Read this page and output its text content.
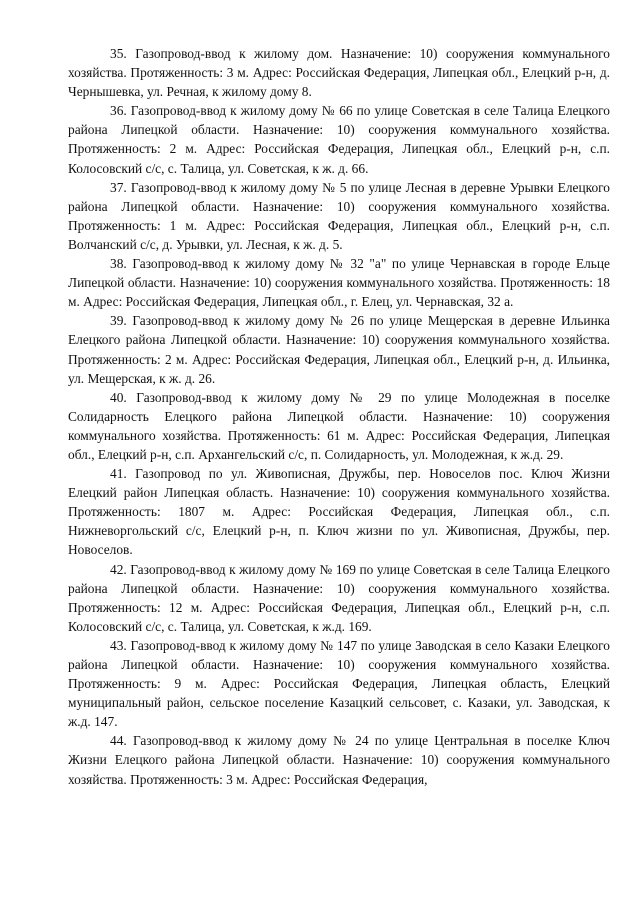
35. Газопровод-ввод к жилому дом. Назначение: 10) сооружения коммунального хозяйства. Протяженность: 3 м. Адрес: Российская Федерация, Липецкая обл., Елецкий р-н, д. Чернышевка, ул. Речная, к жилому дому 8.

36. Газопровод-ввод к жилому дому № 66 по улице Советская в селе Талица Елецкого района Липецкой области. Назначение: 10) сооружения коммунального хозяйства. Протяженность: 2 м. Адрес: Российская Федерация, Липецкая обл., Елецкий р-н, с.п. Колосовский с/с, с. Талица, ул. Советская, к ж. д. 66.

37. Газопровод-ввод к жилому дому № 5 по улице Лесная в деревне Урывки Елецкого района Липецкой области. Назначение: 10) сооружения коммунального хозяйства. Протяженность: 1 м. Адрес: Российская Федерация, Липецкая обл., Елецкий р-н, с.п. Волчанский с/с, д. Урывки, ул. Лесная, к ж. д. 5.

38. Газопровод-ввод к жилому дому № 32 "а" по улице Чернавская в городе Ельце Липецкой области. Назначение: 10) сооружения коммунального хозяйства. Протяженность: 18 м. Адрес: Российская Федерация, Липецкая обл., г. Елец, ул. Чернавская, 32 а.

39. Газопровод-ввод к жилому дому № 26 по улице Мещерская в деревне Ильинка Елецкого района Липецкой области. Назначение: 10) сооружения коммунального хозяйства. Протяженность: 2 м. Адрес: Российская Федерация, Липецкая обл., Елецкий р-н, д. Ильинка, ул. Мещерская, к ж. д. 26.

40. Газопровод-ввод к жилому дому № 29 по улице Молодежная в поселке Солидарность Елецкого района Липецкой области. Назначение: 10) сооружения коммунального хозяйства. Протяженность: 61 м. Адрес: Российская Федерация, Липецкая обл., Елецкий р-н, с.п. Архангельский с/с, п. Солидарность, ул. Молодежная, к ж.д. 29.

41. Газопровод по ул. Живописная, Дружбы, пер. Новоселов пос. Ключ Жизни Елецкий район Липецкая область. Назначение: 10) сооружения коммунального хозяйства. Протяженность: 1807 м. Адрес: Российская Федерация, Липецкая обл., с.п. Нижневоргольский с/с, Елецкий р-н, п. Ключ жизни по ул. Живописная, Дружбы, пер. Новоселов.

42. Газопровод-ввод к жилому дому № 169 по улице Советская в селе Талица Елецкого района Липецкой области. Назначение: 10) сооружения коммунального хозяйства. Протяженность: 12 м. Адрес: Российская Федерация, Липецкая обл., Елецкий р-н, с.п. Колосовский с/с, с. Талица, ул. Советская, к ж.д. 169.

43. Газопровод-ввод к жилому дому № 147 по улице Заводская в село Казаки Елецкого района Липецкой области. Назначение: 10) сооружения коммунального хозяйства. Протяженность: 9 м. Адрес: Российская Федерация, Липецкая область, Елецкий муниципальный район, сельское поселение Казацкий сельсовет, с. Казаки, ул. Заводская, к ж.д. 147.

44. Газопровод-ввод к жилому дому № 24 по улице Центральная в поселке Ключ Жизни Елецкого района Липецкой области. Назначение: 10) сооружения коммунального хозяйства. Протяженность: 3 м. Адрес: Российская Федерация,
